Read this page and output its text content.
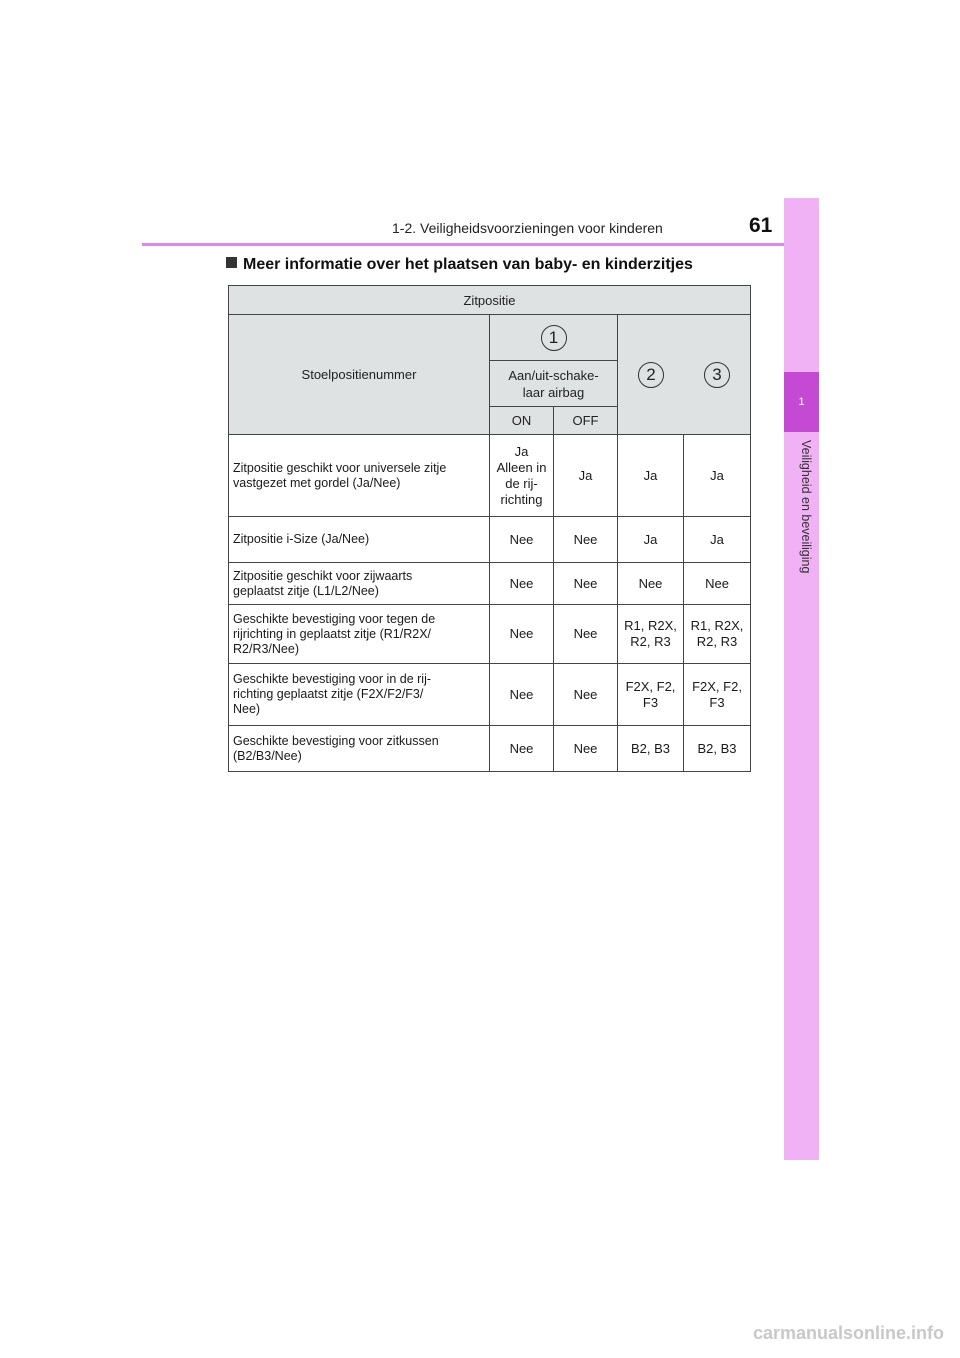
1-2. Veiligheidsvoorzieningen voor kinderen	61
1
Veiligheid en beveiliging
Meer informatie over het plaatsen van baby- en kinderzitjes
Zitpositie				
Stoelpositienummer	1		2 3	
	Aan/uit-schake-
laar airbag			
	ON	OFF		
Zitpositie geschikt voor universele zitje
vastgezet met gordel (Ja/Nee)	Ja
Alleen in
de rij-
richting	Ja	Ja	Ja
Zitpositie i-Size (Ja/Nee)	Nee	Nee	Ja	Ja
Zitpositie geschikt voor zijwaarts
geplaatst zitje (L1/L2/Nee)	Nee	Nee	Nee	Nee
Geschikte bevestiging voor tegen de
rijrichting in geplaatst zitje (R1/R2X/
R2/R3/Nee)	Nee	Nee	R1, R2X,
R2, R3	R1, R2X,
R2, R3
Geschikte bevestiging voor in de rij-
richting geplaatst zitje (F2X/F2/F3/
Nee)	Nee	Nee	F2X, F2,
F3	F2X, F2,
F3
Geschikte bevestiging voor zitkussen
(B2/B3/Nee)	Nee	Nee	B2, B3	B2, B3
carmanualsonline.info
